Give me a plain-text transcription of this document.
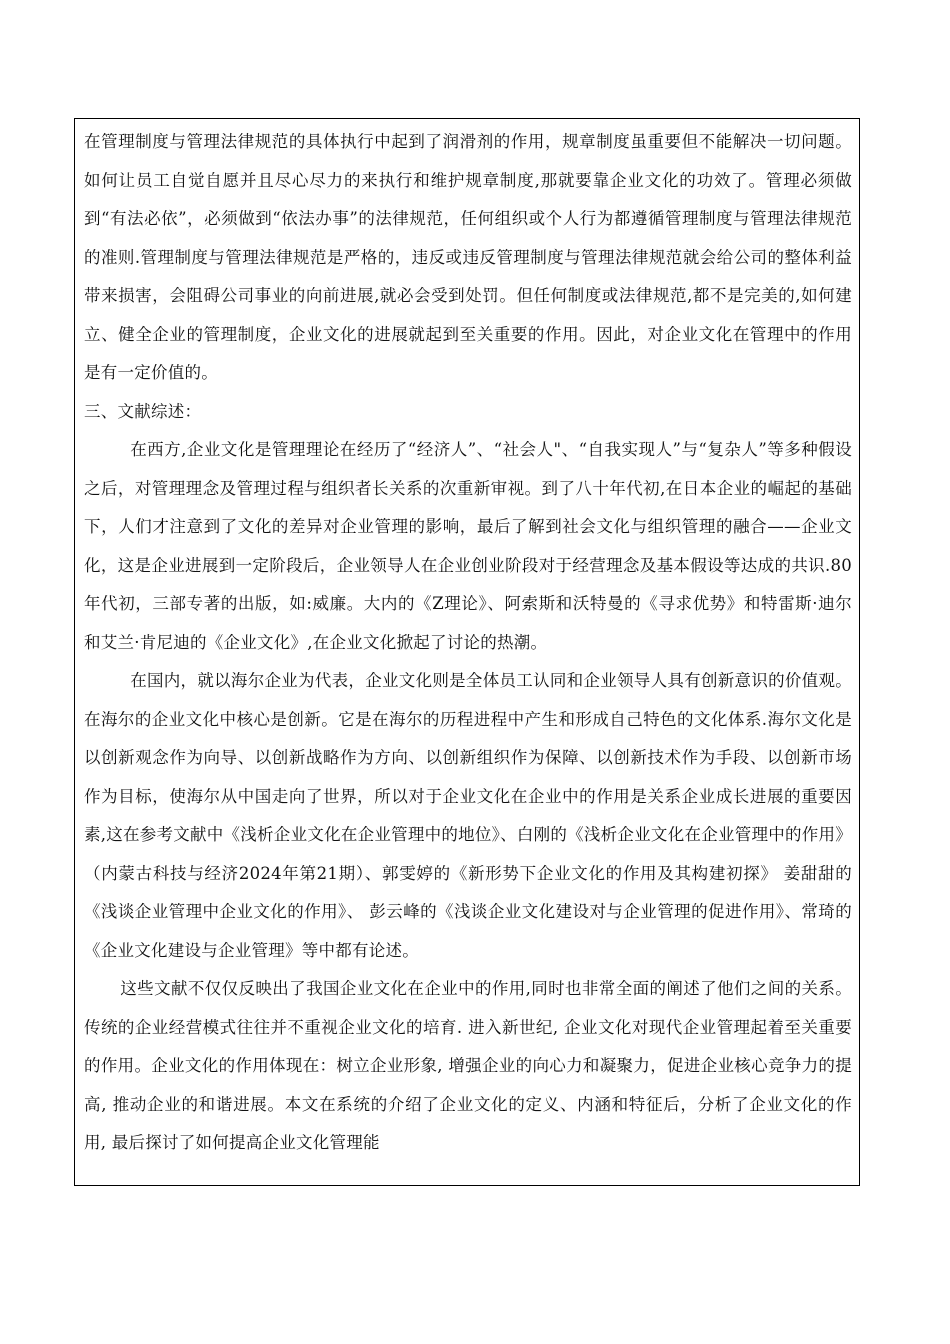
在管理制度与管理法律规范的具体执行中起到了润滑剂的作用，规章制度虽重要但不能解决一切问题。如何让员工自觉自愿并且尽心尽力的来执行和维护规章制度,那就要靠企业文化的功效了。管理必须做到“有法必依”，必须做到“依法办事”的法律规范，任何组织或个人行为都遵循管理制度与管理法律规范的准则.管理制度与管理法律规范是严格的，违反或违反管理制度与管理法律规范就会给公司的整体利益带来损害，会阻碍公司事业的向前进展,就必会受到处罚。但任何制度或法律规范,都不是完美的,如何建立、健全企业的管理制度，企业文化的进展就起到至关重要的作用。因此，对企业文化在管理中的作用是有一定价值的。

三、文献综述：

在西方,企业文化是管理理论在经历了“经济人”、“社会人"、“自我实现人”与“复杂人”等多种假设之后，对管理理念及管理过程与组织者长关系的次重新审视。到了八十年代初,在日本企业的崛起的基础下，人们才注意到了文化的差异对企业管理的影响，最后了解到社会文化与组织管理的融合——企业文化，这是企业进展到一定阶段后，企业领导人在企业创业阶段对于经营理念及基本假设等达成的共识.80年代初，三部专著的出版，如:威廉。大内的《Z理论》、阿索斯和沃特曼的《寻求优势》和特雷斯·迪尔和艾兰·肯尼迪的《企业文化》,在企业文化掀起了讨论的热潮。

在国内，就以海尔企业为代表，企业文化则是全体员工认同和企业领导人具有创新意识的价值观。在海尔的企业文化中核心是创新。它是在海尔的历程进程中产生和形成自己特色的文化体系.海尔文化是以创新观念作为向导、以创新战略作为方向、以创新组织作为保障、以创新技术作为手段、以创新市场作为目标，使海尔从中国走向了世界，所以对于企业文化在企业中的作用是关系企业成长进展的重要因素,这在参考文献中《浅析企业文化在企业管理中的地位》、白刚的《浅析企业文化在企业管理中的作用》（内蒙古科技与经济2024年第21期）、郭雯婷的《新形势下企业文化的作用及其构建初探》 姜甜甜的《浅谈企业管理中企业文化的作用》、 彭云峰的《浅谈企业文化建设对与企业管理的促进作用》、常琦的《企业文化建设与企业管理》等中都有论述。

这些文献不仅仅反映出了我国企业文化在企业中的作用,同时也非常全面的阐述了他们之间的关系。传统的企业经营模式往往并不重视企业文化的培育. 进入新世纪, 企业文化对现代企业管理起着至关重要的作用。企业文化的作用体现在：树立企业形象, 增强企业的向心力和凝聚力，促进企业核心竞争力的提高, 推动企业的和谐进展。本文在系统的介绍了企业文化的定义、内涵和特征后，分析了企业文化的作用, 最后探讨了如何提高企业文化管理能
